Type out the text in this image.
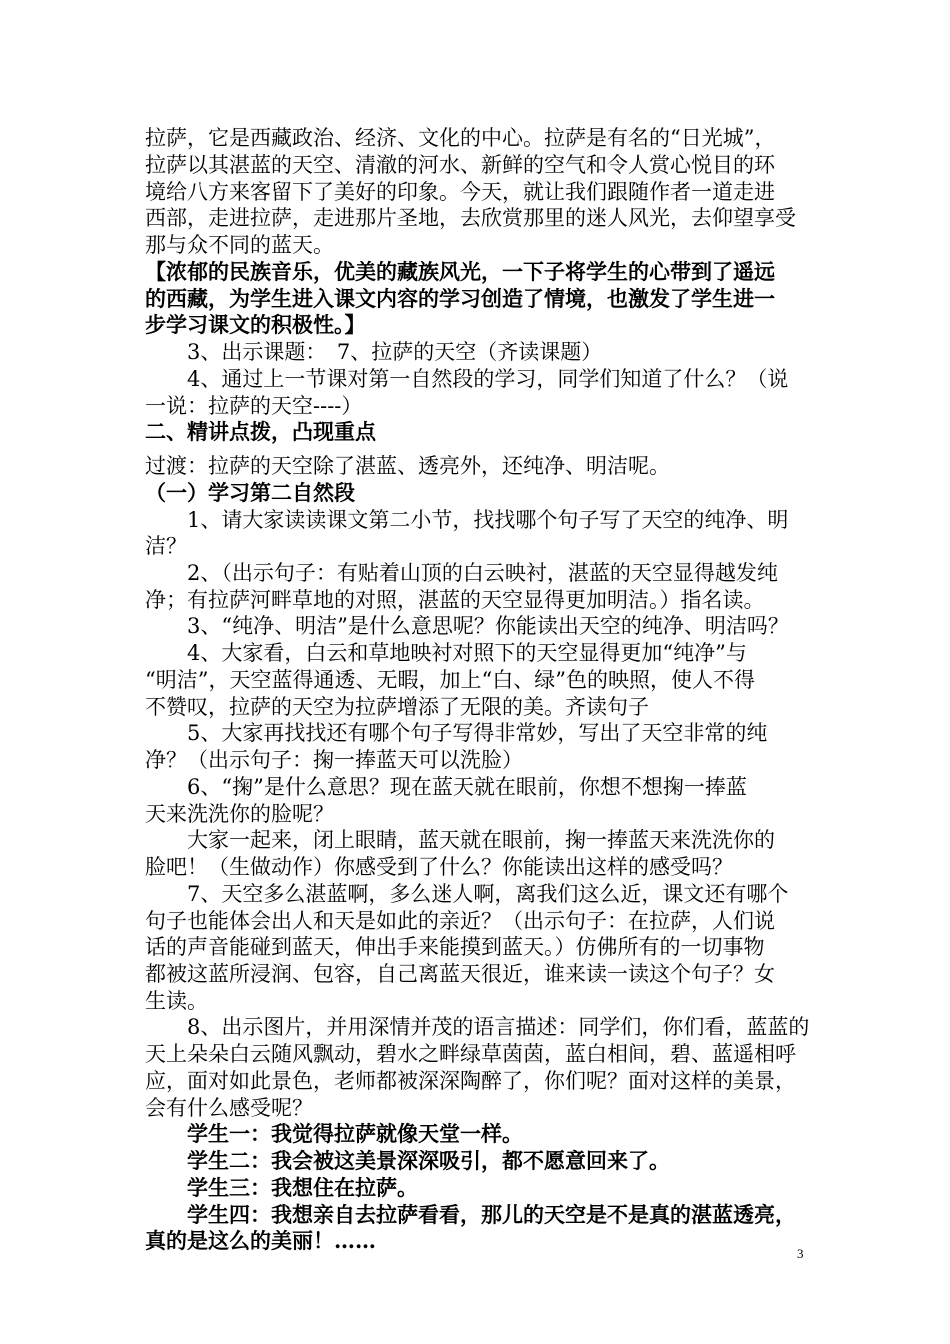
拉萨，它是西藏政治、经济、文化的中心。拉萨是有名的“日光城”，
拉萨以其湛蓝的天空、清澈的河水、新鲜的空气和令人赏心悦目的环
境给八方来客留下了美好的印象。今天，就让我们跟随作者一道走进
西部，走进拉萨，走进那片圣地，去欣赏那里的迷人风光，去仰望享受
那与众不同的蓝天。
【浓郁的民族音乐，优美的藏族风光，一下子将学生的心带到了遥远
的西藏，为学生进入课文内容的学习创造了情境，也激发了学生进一
步学习课文的积极性。】
3、出示课题：　7、拉萨的天空（齐读课题）
4、通过上一节课对第一自然段的学习，同学们知道了什么？（说
一说：拉萨的天空----）
二、精讲点拨，凸现重点
过渡：拉萨的天空除了湛蓝、透亮外，还纯净、明洁呢。
（一）学习第二自然段
1、请大家读读课文第二小节，找找哪个句子写了天空的纯净、明
洁？
2、（出示句子：有贴着山顶的白云映衬，湛蓝的天空显得越发纯
净；有拉萨河畔草地的对照，湛蓝的天空显得更加明洁。）指名读。
3、“纯净、明洁”是什么意思呢？你能读出天空的纯净、明洁吗？
4、大家看，白云和草地映衬对照下的天空显得更加“纯净”与
“明洁”，天空蓝得通透、无暇，加上“白、绿”色的映照，使人不得
不赞叹，拉萨的天空为拉萨增添了无限的美。齐读句子
5、大家再找找还有哪个句子写得非常妙，写出了天空非常的纯
净？（出示句子：掬一捧蓝天可以洗脸）
6、“掬”是什么意思？现在蓝天就在眼前，你想不想掬一捧蓝
天来洗洗你的脸呢？
大家一起来，闭上眼睛，蓝天就在眼前，掬一捧蓝天来洗洗你的
脸吧！（生做动作）你感受到了什么？你能读出这样的感受吗？
7、天空多么湛蓝啊，多么迷人啊，离我们这么近，课文还有哪个
句子也能体会出人和天是如此的亲近？（出示句子：在拉萨，人们说
话的声音能碰到蓝天，伸出手来能摸到蓝天。）仿佛所有的一切事物
都被这蓝所浸润、包容，自己离蓝天很近，谁来读一读这个句子？女
生读。
8、出示图片，并用深情并茂的语言描述：同学们，你们看，蓝蓝的
天上朵朵白云随风飘动，碧水之畔绿草茵茵，蓝白相间，碧、蓝遥相呼
应，面对如此景色，老师都被深深陶醉了，你们呢？面对这样的美景，
会有什么感受呢？
学生一：我觉得拉萨就像天堂一样。
学生二：我会被这美景深深吸引，都不愿意回来了。
学生三：我想住在拉萨。
学生四：我想亲自去拉萨看看，那儿的天空是不是真的湛蓝透亮，
真的是这么的美丽！……
3
